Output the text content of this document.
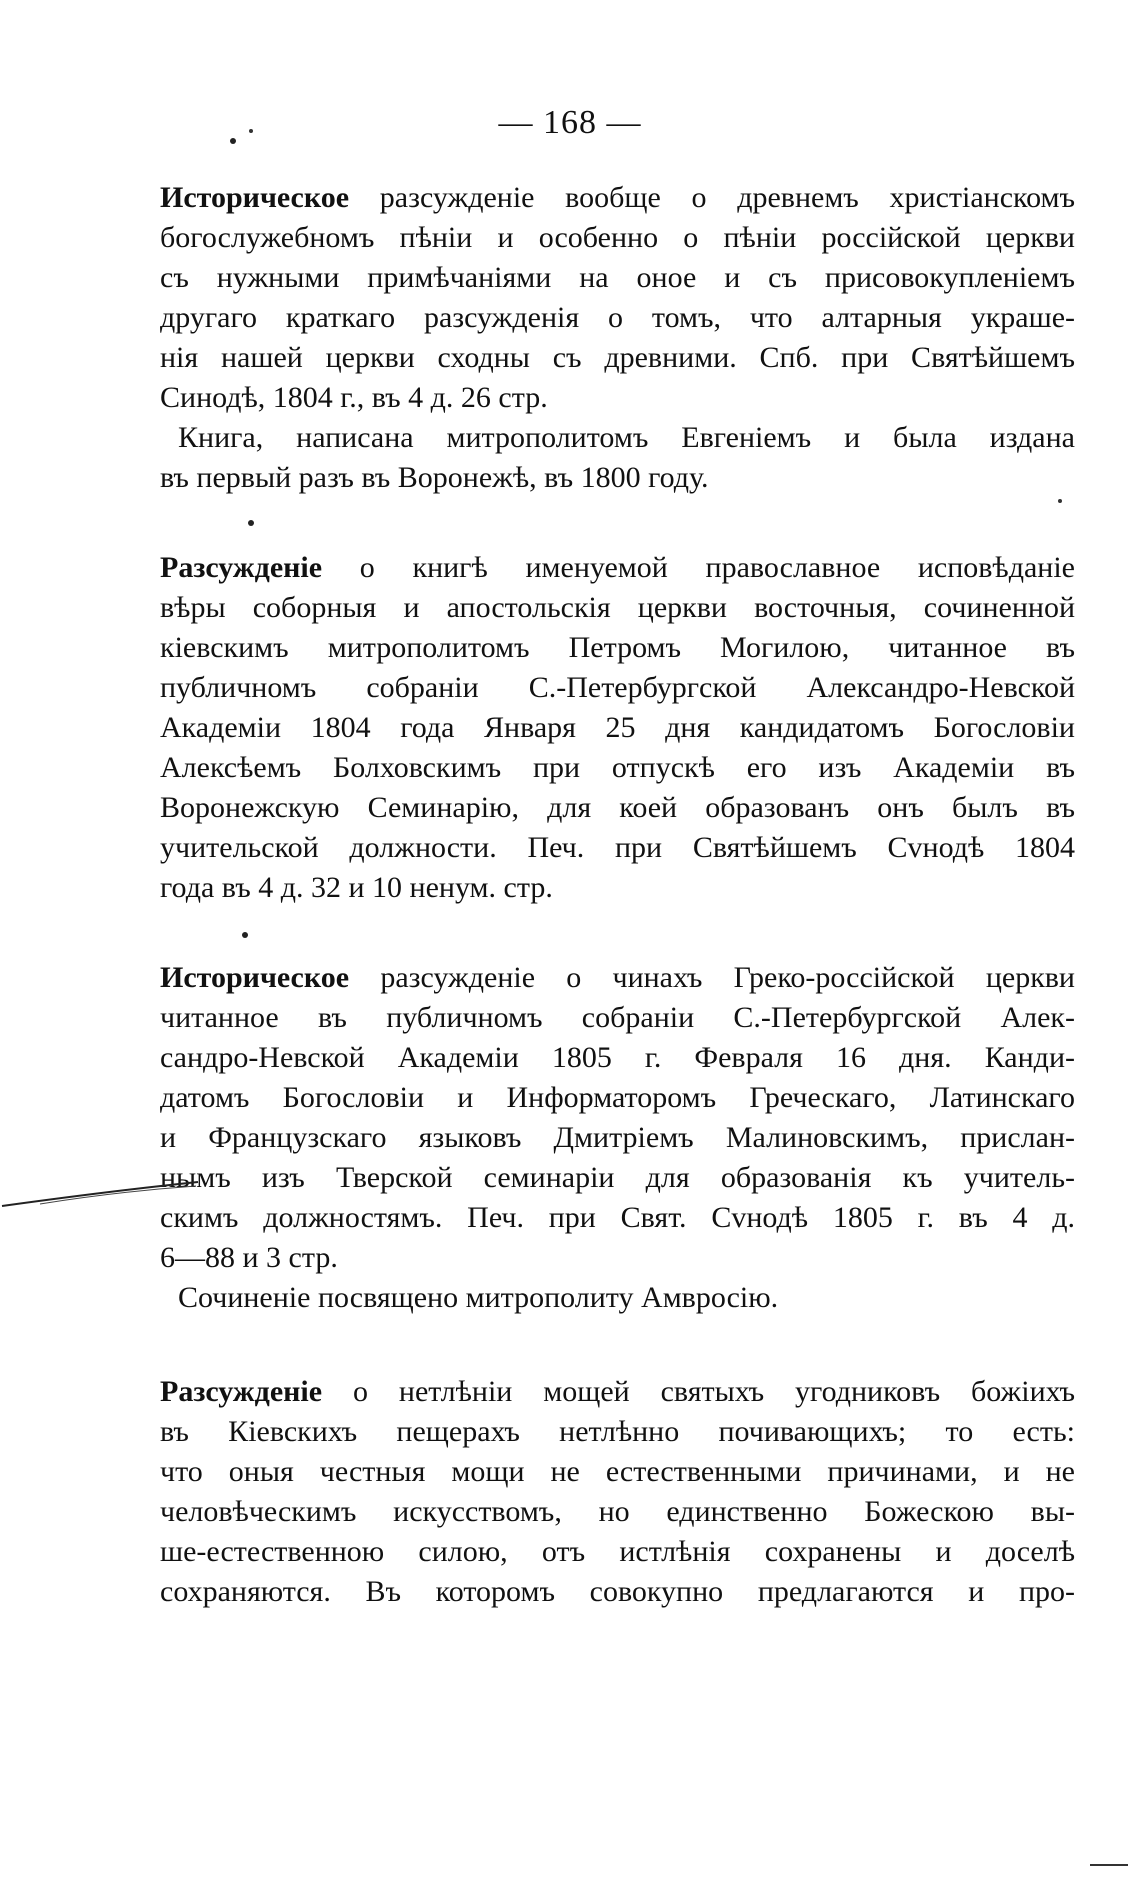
— 168 —
Историческое разсужденіе вообще о древнемъ христіанскомъ
богослужебномъ пѣніи и особенно о пѣніи россійской церкви
съ нужными примѣчаніями на оное и съ присовокупленіемъ
другаго краткаго разсужденія о томъ, что алтарныя украше-
нія нашей церкви сходны съ древними. Спб. при Святѣйшемъ
Синодѣ, 1804 г., въ 4 д. 26 стр.
Книга, написана митрополитомъ Евгеніемъ и была издана
въ первый разъ въ Воронежѣ, въ 1800 году.
Разсужденіе о книгѣ именуемой православное исповѣданіе
вѣры соборныя и апостольскія церкви восточныя, сочиненной
кіевскимъ митрополитомъ Петромъ Могилою, читанное въ
публичномъ собраніи С.-Петербургской Александро-Невской
Академіи 1804 года Января 25 дня кандидатомъ Богословіи
Алексѣемъ Болховскимъ при отпускѣ его изъ Академіи въ
Воронежскую Семинарію, для коей образованъ онъ былъ въ
учительской должности. Печ. при Святѣйшемъ Сvнодѣ 1804
года въ 4 д. 32 и 10 ненум. стр.
Историческое разсужденіе о чинахъ Греко-россійской церкви
читанное въ публичномъ собраніи С.-Петербургской Алек-
сандро-Невской Академіи 1805 г. Февраля 16 дня. Канди-
датомъ Богословіи и Информаторомъ Греческаго, Латинскаго
и Французскаго языковъ Дмитріемъ Малиновскимъ, прислан-
нымъ изъ Тверской семинаріи для образованія къ учитель-
скимъ должностямъ. Печ. при Свят. Сvнодѣ 1805 г. въ 4 д.
6—88 и 3 стр.
Сочиненіе посвящено митрополиту Амвросію.
Разсужденіе о нетлѣніи мощей святыхъ угодниковъ божіихъ
въ Кіевскихъ пещерахъ нетлѣнно почивающихъ; то есть:
что оныя честныя мощи не естественными причинами, и не
человѣческимъ искусствомъ, но единственно Божескою вы-
ше-естественною силою, отъ истлѣнія сохранены и доселѣ
сохраняются. Въ которомъ совокупно предлагаются и про-
